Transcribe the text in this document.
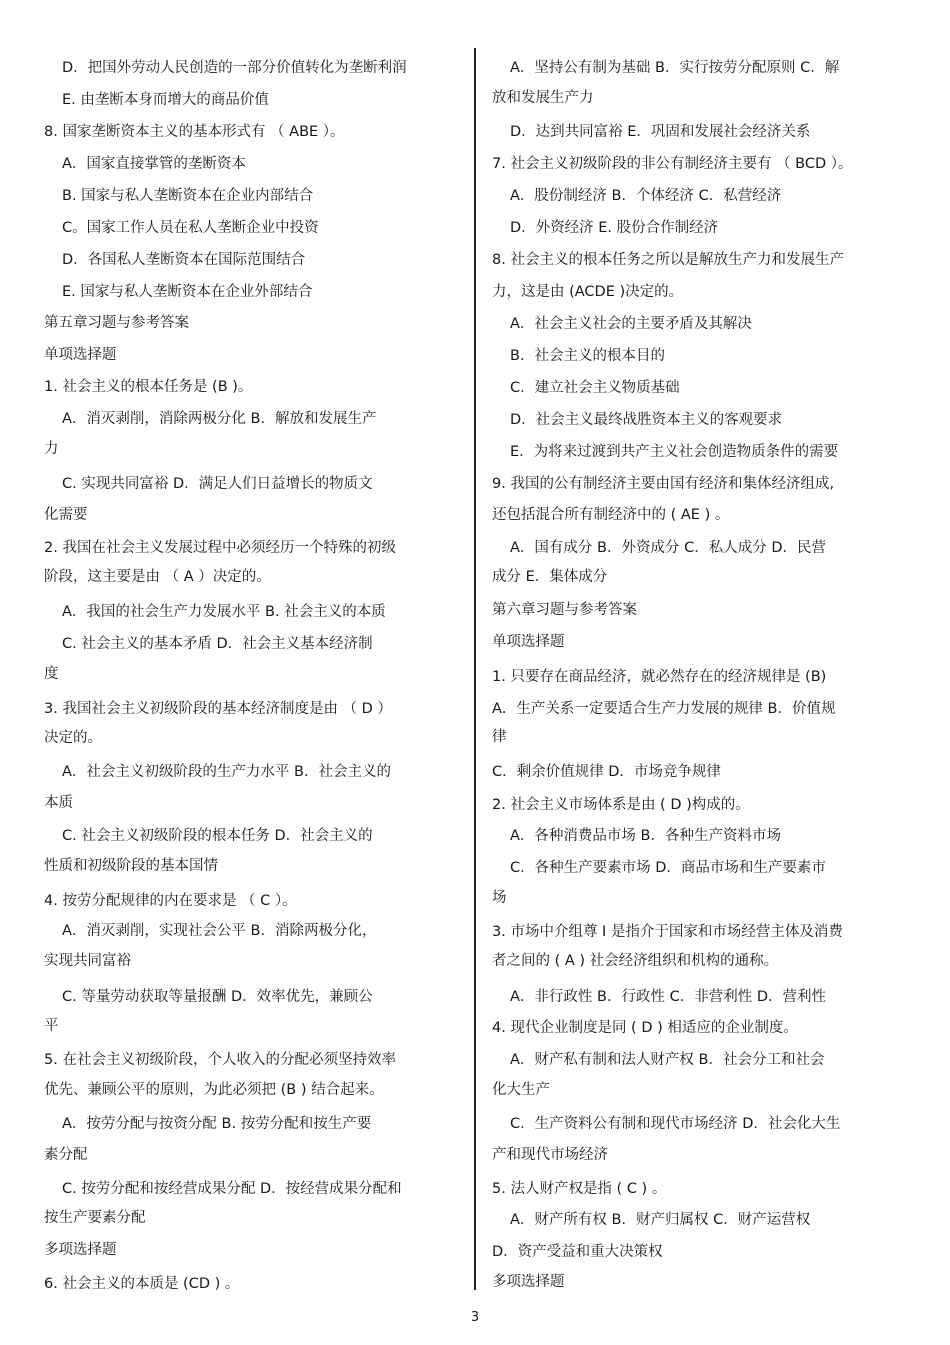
D．把国外劳动人民创造的一部分价值转化为垄断利润
E. 由垄断本身而增大的商品价值
8. 国家垄断资本主义的基本形式有 （ ABE ）。
A．国家直接掌管的垄断资本
B. 国家与私人垄断资本在企业内部结合
C。国家工作人员在私人垄断企业中投资
D．各国私人垄断资本在国际范围结合
E. 国家与私人垄断资本在企业外部结合
第五章习题与参考答案
单项选择题
1. 社会主义的根本任务是 (B )。
A．消灭剥削，消除两极分化 B．解放和发展生产
力
C. 实现共同富裕 D．满足人们日益增长的物质文
化需要
2. 我国在社会主义发展过程中必须经历一个特殊的初级
阶段，这主要是由 （ A ）决定的。
A．我国的社会生产力发展水平 B. 社会主义的本质
C. 社会主义的基本矛盾 D．社会主义基本经济制
度
3. 我国社会主义初级阶段的基本经济制度是由 （ D ）
决定的。
A．社会主义初级阶段的生产力水平 B．社会主义的
本质
C. 社会主义初级阶段的根本任务 D．社会主义的
性质和初级阶段的基本国情
4. 按劳分配规律的内在要求是 （ C ）。
A．消灭剥削，实现社会公平 B．消除两极分化，
实现共同富裕
C. 等量劳动获取等量报酬 D．效率优先，兼顾公
平
5. 在社会主义初级阶段，个人收入的分配必须坚持效率
优先、兼顾公平的原则，为此必须把 (B ) 结合起来。
A．按劳分配与按资分配 B. 按劳分配和按生产要
素分配
C. 按劳分配和按经营成果分配 D．按经营成果分配和
按生产要素分配
多项选择题
6. 社会主义的本质是 (CD ) 。
A．坚持公有制为基础 B．实行按劳分配原则 C．解
放和发展生产力
D．达到共同富裕 E．巩固和发展社会经济关系
7. 社会主义初级阶段的非公有制经济主要有 （ BCD ）。
A．股份制经济 B．个体经济 C．私营经济
D．外资经济 E. 股份合作制经济
8. 社会主义的根本任务之所以是解放生产力和发展生产
力，这是由 (ACDE )决定的。
A．社会主义社会的主要矛盾及其解决
B．社会主义的根本目的
C．建立社会主义物质基础
D．社会主义最终战胜资本主义的客观要求
E．为将来过渡到共产主义社会创造物质条件的需要
9. 我国的公有制经济主要由国有经济和集体经济组成,
还包括混合所有制经济中的 ( AE ) 。
A．国有成分 B．外资成分 C．私人成分 D．民营
成分 E．集体成分
第六章习题与参考答案
单项选择题
1. 只要存在商品经济，就必然存在的经济规律是 (B)
A．生产关系一定要适合生产力发展的规律 B．价值规
律
C．剩余价值规律 D．市场竞争规律
2. 社会主义市场体系是由 ( D )构成的。
A．各种消费品市场 B．各种生产资料市场
C．各种生产要素市场 D．商品市场和生产要素市
场
3. 市场中介组尊 I 是指介于国家和市场经营主体及消费
者之间的 ( A ) 社会经济组织和机构的通称。
A．非行政性 B．行政性 C．非营利性 D．营利性
4. 现代企业制度是同 ( D ) 相适应的企业制度。
A．财产私有制和法人财产权 B．社会分工和社会
化大生产
C．生产资料公有制和现代市场经济 D．社会化大生
产和现代市场经济
5. 法人财产权是指 ( C ) 。
A．财产所有权 B．财产归属权 C．财产运营权
D．资产受益和重大决策权
多项选择题
3
